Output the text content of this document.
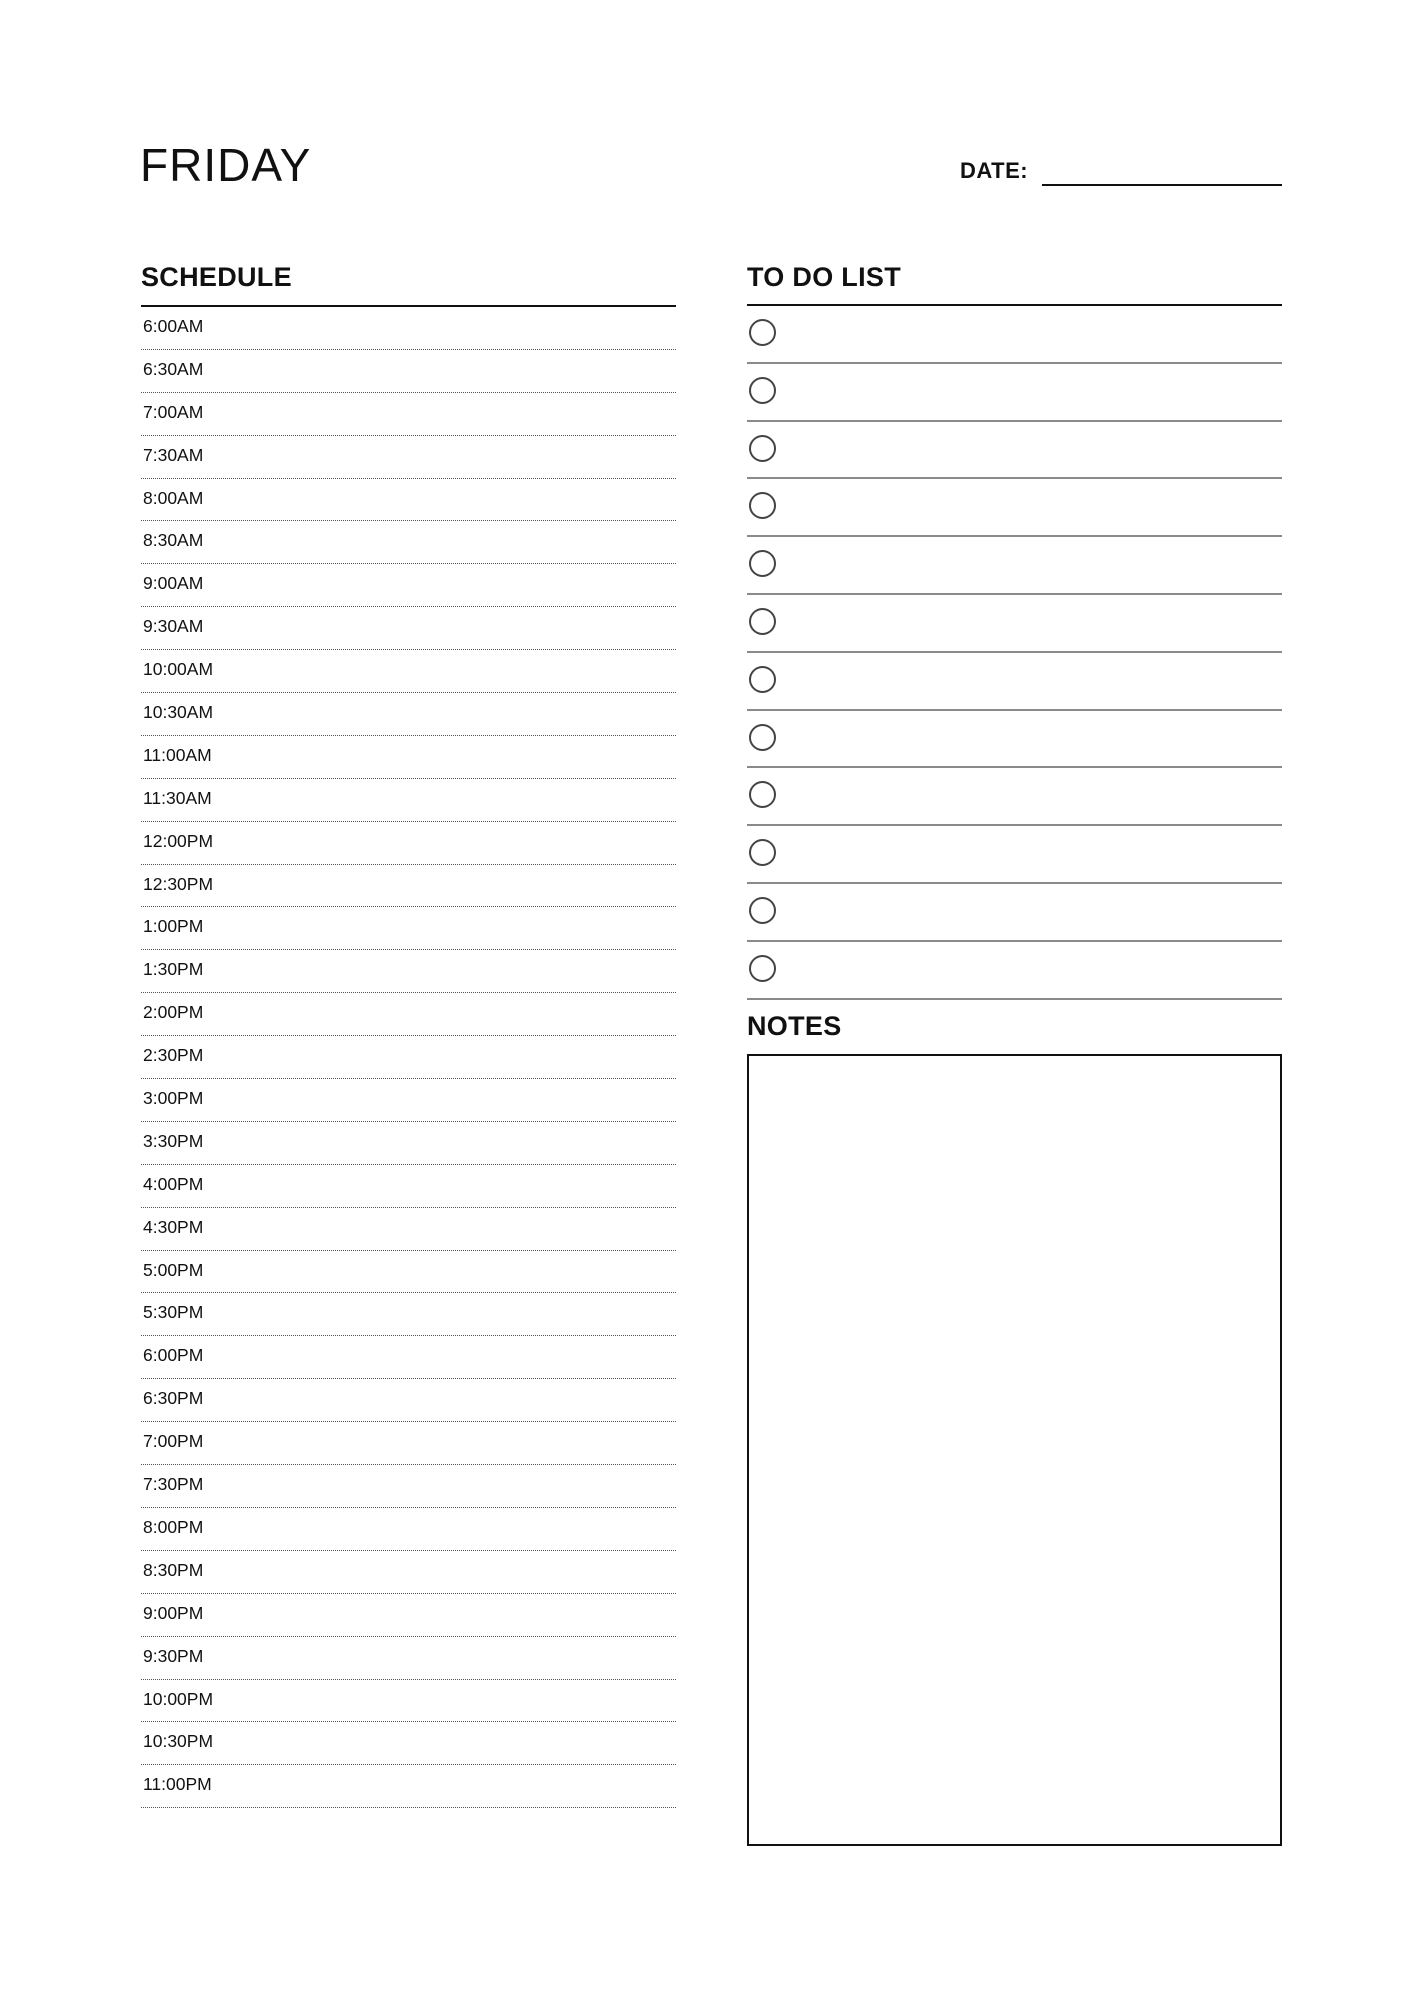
FRIDAY	DATE:
SCHEDULE
6:00AM
6:30AM
7:00AM
7:30AM
8:00AM
8:30AM
9:00AM
9:30AM
10:00AM
10:30AM
11:00AM
11:30AM
12:00PM
12:30PM
1:00PM
1:30PM
2:00PM
2:30PM
3:00PM
3:30PM
4:00PM
4:30PM
5:00PM
5:30PM
6:00PM
6:30PM
7:00PM
7:30PM
8:00PM
8:30PM
9:00PM
9:30PM
10:00PM
10:30PM
11:00PM
TO DO LIST
NOTES
